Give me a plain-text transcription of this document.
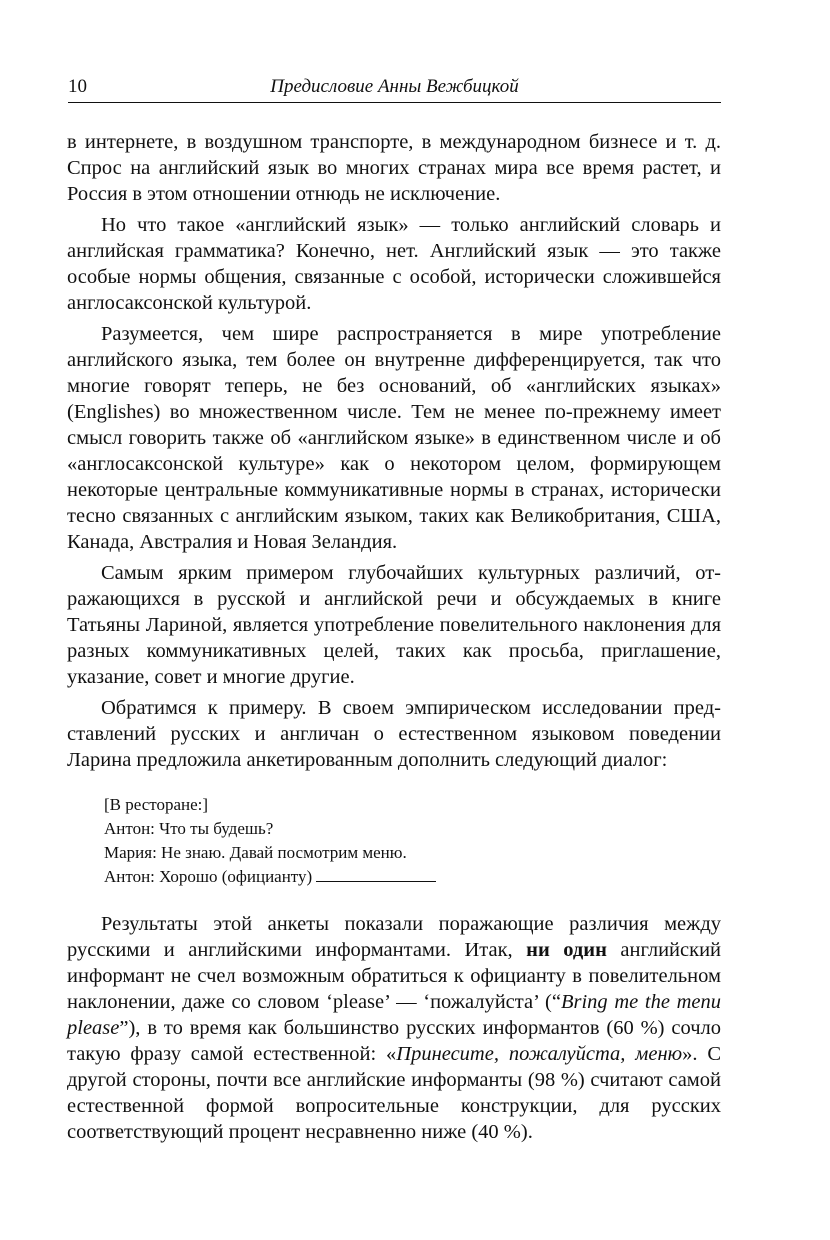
10	Предисловие Анны Вежбицкой

в интернете, в воздушном транспорте, в международном бизнесе и т. д. Спрос на английский язык во многих странах мира все время растет, и Россия в этом отношении отнюдь не исключение.

Но что такое «английский язык» — только английский словарь и английская грамматика? Конечно, нет. Английский язык — это также особые нормы общения, связанные с особой, исторически сложившейся англосаксонской культурой.

Разумеется, чем шире распространяется в мире употребление английского языка, тем более он внутренне дифференцируется, так что многие говорят теперь, не без оснований, об «английских языках» (Englishes) во множественном числе. Тем не менее по-прежнему имеет смысл говорить также об «английском языке» в единственном числе и об «англосаксонской культуре» как о некотором целом, формирующем некоторые центральные коммуникативные нормы в странах, исторически тесно связанных с английским языком, таких как Великобритания, США, Канада, Австралия и Новая Зеландия.

Самым ярким примером глубочайших культурных различий, отражающихся в русской и английской речи и обсуждаемых в книге Татьяны Лариной, является употребление повелительного наклонения для разных коммуникативных целей, таких как просьба, приглашение, указание, совет и многие другие.

Обратимся к примеру. В своем эмпирическом исследовании представлений русских и англичан о естественном языковом поведении Ларина предложила анкетированным дополнить следующий диалог:

[В ресторане:]
Антон: Что ты будешь?
Мария: Не знаю. Давай посмотрим меню.
Антон: Хорошо (официанту)

Результаты этой анкеты показали поражающие различия между русскими и английскими информантами. Итак, ни один английский информант не счел возможным обратиться к официанту в повелительном наклонении, даже со словом ‘please’ — ‘пожалуйста’ (“Bring me the menu please”), в то время как большинство русских информантов (60 %) сочло такую фразу самой естественной: «Принесите, пожалуйста, меню». С другой стороны, почти все английские информанты (98 %) считают самой естественной формой вопросительные конструкции, для русских соответствующий процент несравненно ниже (40 %).
